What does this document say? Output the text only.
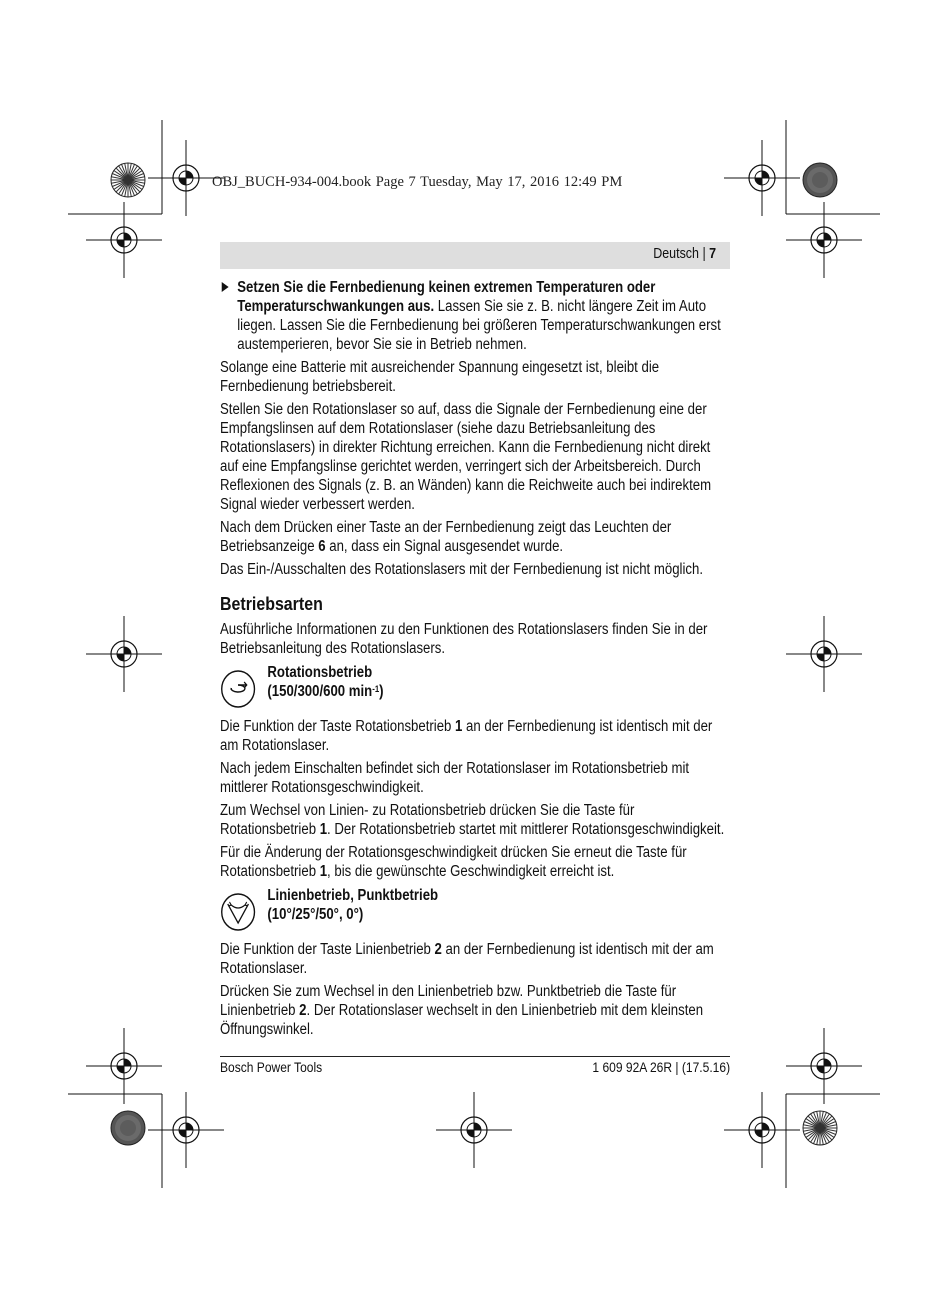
OBJ_BUCH-934-004.book Page 7 Tuesday, May 17, 2016 12:49 PM
Deutsch | 7
Setzen Sie die Fernbedienung keinen extremen Temperaturen oder Temperaturschwankungen aus. Lassen Sie sie z. B. nicht längere Zeit im Auto liegen. Lassen Sie die Fernbedienung bei größeren Temperaturschwankungen erst austemperieren, bevor Sie sie in Betrieb nehmen.

Solange eine Batterie mit ausreichender Spannung eingesetzt ist, bleibt die Fernbedienung betriebsbereit.

Stellen Sie den Rotationslaser so auf, dass die Signale der Fernbedienung eine der Empfangslinsen auf dem Rotationslaser (siehe dazu Betriebsanleitung des Rotationslasers) in direkter Richtung erreichen. Kann die Fernbedienung nicht direkt auf eine Empfangslinse gerichtet werden, verringert sich der Arbeitsbereich. Durch Reflexionen des Signals (z. B. an Wänden) kann die Reichweite auch bei indirektem Signal wieder verbessert werden.

Nach dem Drücken einer Taste an der Fernbedienung zeigt das Leuchten der Betriebsanzeige 6 an, dass ein Signal ausgesendet wurde.

Das Ein-/Ausschalten des Rotationslasers mit der Fernbedienung ist nicht möglich.

Betriebsarten

Ausführliche Informationen zu den Funktionen des Rotationslasers finden Sie in der Betriebsanleitung des Rotationslasers.

Rotationsbetrieb
(150/300/600 $\min^{-1}$)

Die Funktion der Taste Rotationsbetrieb 1 an der Fernbedienung ist identisch mit der am Rotationslaser.

Nach jedem Einschalten befindet sich der Rotationslaser im Rotationsbetrieb mit mittlerer Rotationsgeschwindigkeit.

Zum Wechsel von Linien- zu Rotationsbetrieb drücken Sie die Taste für Rotationsbetrieb 1. Der Rotationsbetrieb startet mit mittlerer Rotationsgeschwindigkeit.

Für die Änderung der Rotationsgeschwindigkeit drücken Sie erneut die Taste für Rotationsbetrieb 1, bis die gewünschte Geschwindigkeit erreicht ist.

Linienbetrieb, Punktbetrieb
(10°/25°/50°, 0°)

Die Funktion der Taste Linienbetrieb 2 an der Fernbedienung ist identisch mit der am Rotationslaser.

Drücken Sie zum Wechsel in den Linienbetrieb bzw. Punktbetrieb die Taste für Linienbetrieb 2. Der Rotationslaser wechselt in den Linienbetrieb mit dem kleinsten Öffnungswinkel.

Bosch Power Tools	1 609 92A 26R | (17.5.16)
